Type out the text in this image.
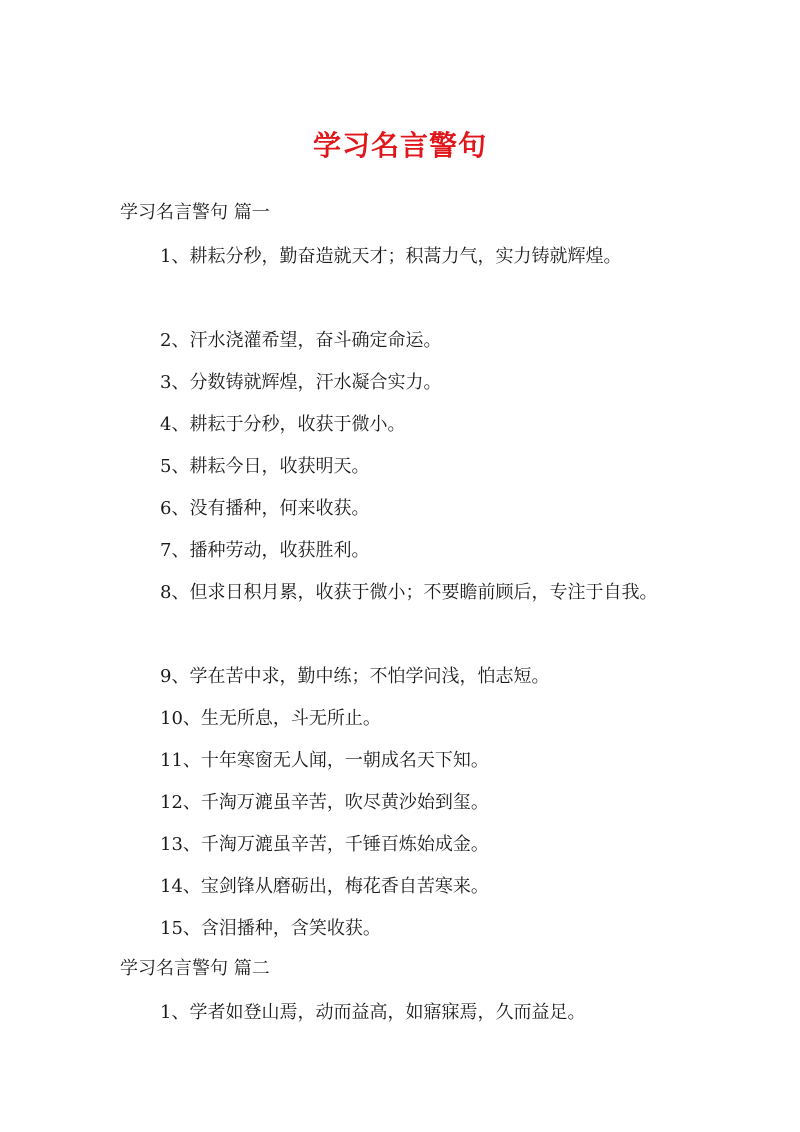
学习名言警句

学习名言警句 篇一

1、耕耘分秒，勤奋造就天才；积蒿力气，实力铸就辉煌。

2、汗水浇灌希望，奋斗确定命运。

3、分数铸就辉煌，汗水凝合实力。

4、耕耘于分秒，收获于微小。

5、耕耘今日，收获明天。

6、没有播种，何来收获。

7、播种劳动，收获胜利。

8、但求日积月累，收获于微小；不要瞻前顾后，专注于自我。

9、学在苦中求，勤中练；不怕学问浅，怕志短。

10、生无所息，斗无所止。

11、十年寒窗无人闻，一朝成名天下知。

12、千淘万漉虽辛苦，吹尽黄沙始到玺。

13、千淘万漉虽辛苦，千锤百炼始成金。

14、宝剑锋从磨砺出，梅花香自苦寒来。

15、含泪播种，含笑收获。

学习名言警句 篇二

1、学者如登山焉，动而益高，如寤寐焉，久而益足。
